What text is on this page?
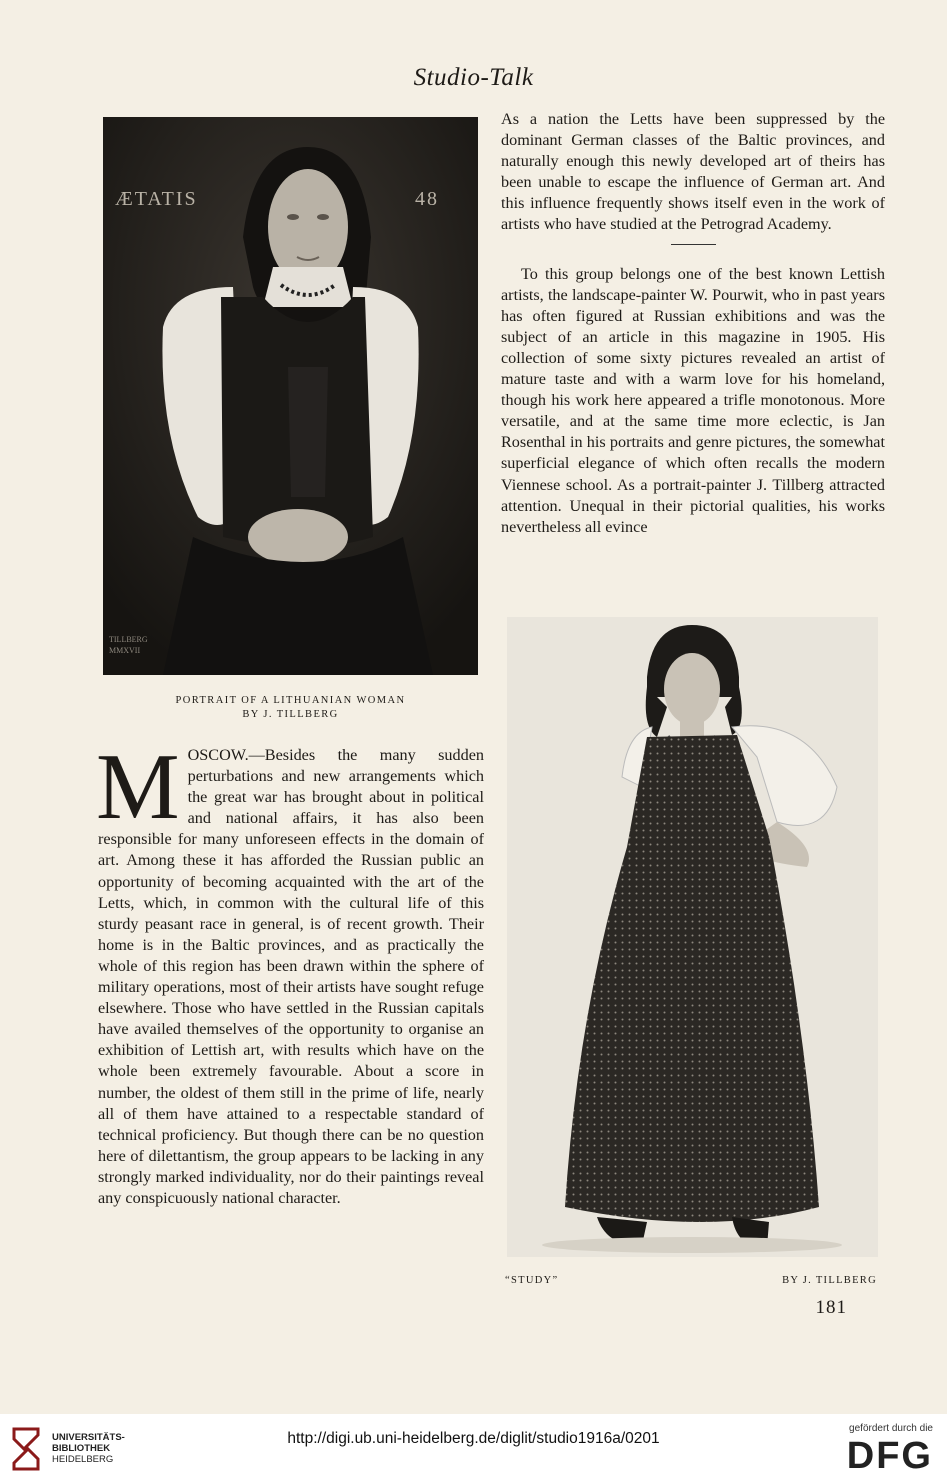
Studio-Talk
ÆTATIS	48
TILLBERG
MMXVII
PORTRAIT OF A LITHUANIAN WOMAN
BY J. TILLBERG

As a nation the Letts have been suppressed by the dominant German classes of the Baltic provinces, and naturally enough this newly developed art of theirs has been unable to escape the influence of German art. And this influence frequently shows itself even in the work of artists who have studied at the Petrograd Academy.

To this group belongs one of the best known Lettish artists, the landscape-painter W. Pourwit, who in past years has often figured at Russian exhibitions and was the subject of an article in this magazine in 1905. His collection of some sixty pictures revealed an artist of mature taste and with a warm love for his homeland, though his work here appeared a trifle monotonous. More versatile, and at the same time more eclectic, is Jan Rosenthal in his portraits and genre pictures, the somewhat superficial elegance of which often recalls the modern Viennese school. As a portrait-painter J. Tillberg attracted attention. Unequal in their pictorial qualities, his works nevertheless all evince

M OSCOW.—Besides the many sudden perturbations and new arrangements which the great war has brought about in political and national affairs, it has also been responsible for many unforeseen effects in the domain of art. Among these it has afforded the Russian public an opportunity of becoming acquainted with the art of the Letts, which, in common with the cultural life of this sturdy peasant race in general, is of recent growth. Their home is in the Baltic provinces, and as practically the whole of this region has been drawn within the sphere of military operations, most of their artists have sought refuge elsewhere. Those who have settled in the Russian capitals have availed themselves of the opportunity to organise an exhibition of Lettish art, with results which have on the whole been extremely favourable. About a score in number, the oldest of them still in the prime of life, nearly all of them have attained to a respectable standard of technical proficiency. But though there can be no question here of dilettantism, the group appears to be lacking in any strongly marked individuality, nor do their paintings reveal any conspicuously national character.

“STUDY”	BY J. TILLBERG
181
UNIVERSITÄTS-
BIBLIOTHEK
HEIDELBERG
http://digi.ub.uni-heidelberg.de/diglit/studio1916a/0201
gefördert durch die
DFG
